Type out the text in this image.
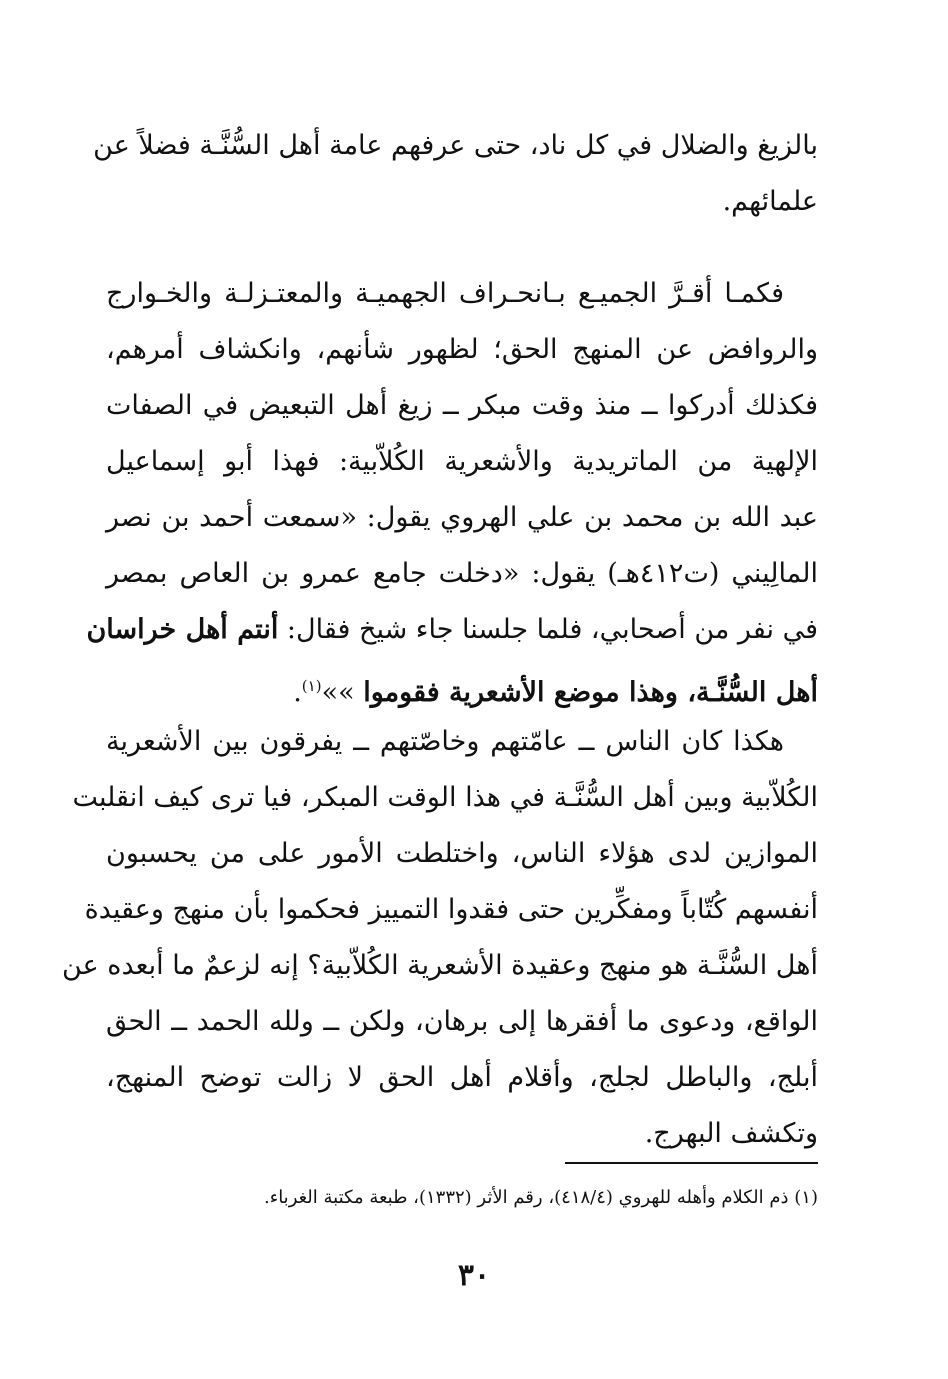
بالزيغ والضلال في كل ناد، حتى عرفهم عامة أهل السُّنَّـة فضلاً عن
علمائهم.
فكمـا أقـرَّ الجميـع بـانحـراف الجهميـة والمعتـزلـة والخـوارج
والروافض عن المنهج الحق؛ لظهور شأنهم، وانكشاف أمرهم،
فكذلك أدركوا ــ منذ وقت مبكر ــ زيغ أهل التبعيض في الصفات
الإلهية من الماتريدية والأشعرية الكُلاّبية: فهذا أبو إسماعيل
عبد الله بن محمد بن علي الهروي يقول: «سمعت أحمد بن نصر
المالِيني (ت٤١٢هـ) يقول: «دخلت جامع عمرو بن العاص بمصر
في نفر من أصحابي، فلما جلسنا جاء شيخ فقال: أنتم أهل خراسان
أهل السُّنَّـة، وهذا موضع الأشعرية فقوموا »»$^{(١)}$.
هكذا كان الناس ــ عامّتهم وخاصّتهم ــ يفرقون بين الأشعرية
الكُلاّبية وبين أهل السُّنَّـة في هذا الوقت المبكر، فيا ترى كيف انقلبت
الموازين لدى هؤلاء الناس، واختلطت الأمور على من يحسبون
أنفسهم كُتّاباً ومفكِّرين حتى فقدوا التمييز فحكموا بأن منهج وعقيدة
أهل السُّنَّـة هو منهج وعقيدة الأشعرية الكُلاّبية؟ إنه لزعمٌ ما أبعده عن
الواقع، ودعوى ما أفقرها إلى برهان، ولكن ــ ولله الحمد ــ الحق
أبلج، والباطل لجلج، وأقلام أهل الحق لا زالت توضح المنهج،
وتكشف البهرج.
(١) ذم الكلام وأهله للهروي (٤١٨/٤)، رقم الأثر (١٣٣٢)، طبعة مكتبة الغرباء.
٣٠
